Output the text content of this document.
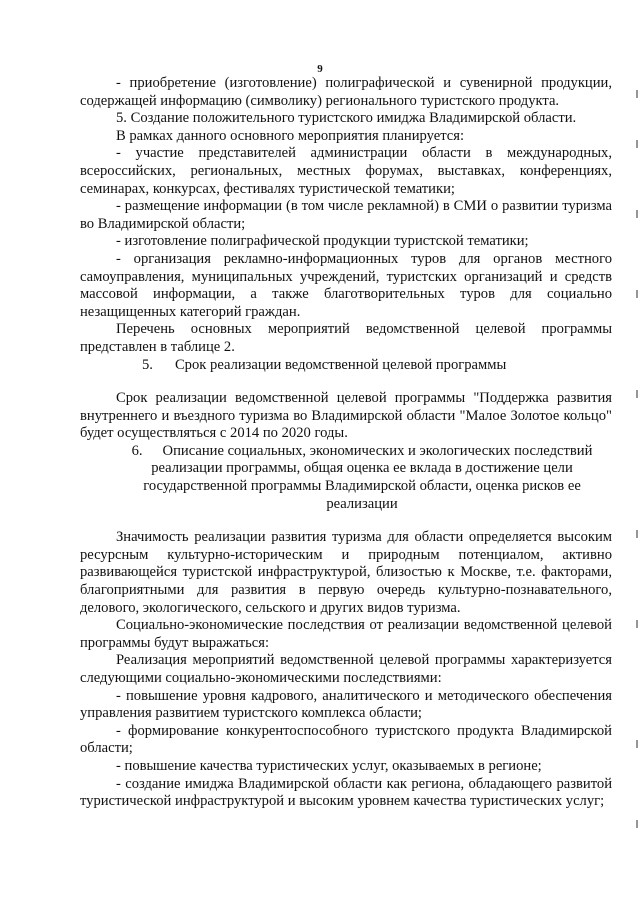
9

- приобретение (изготовление) полиграфической и сувенирной продукции, содержащей информацию (символику) регионального туристского продукта.

5. Создание положительного туристского имиджа Владимирской области.

В рамках данного основного мероприятия планируется:

- участие представителей администрации области в международных, всероссийских, региональных, местных форумах, выставках, конференциях, семинарах, конкурсах, фестивалях туристической тематики;

- размещение информации (в том числе рекламной) в СМИ о развитии туризма во Владимирской области;

- изготовление полиграфической продукции туристской тематики;

- организация рекламно-информационных туров для органов местного самоуправления, муниципальных учреждений, туристских организаций и средств массовой информации, а также благотворительных туров для социально незащищенных категорий граждан.

Перечень основных мероприятий ведомственной целевой программы представлен в таблице 2.

5. Срок реализации ведомственной целевой программы

Срок реализации ведомственной целевой программы "Поддержка развития внутреннего и въездного туризма во Владимирской области "Малое Золотое кольцо" будет осуществляться с 2014 по 2020 годы.

6. Описание социальных, экономических и экологических последствий реализации программы, общая оценка ее вклада в достижение цели государственной программы Владимирской области, оценка рисков ее реализации

Значимость реализации развития туризма для области определяется высоким ресурсным культурно-историческим и природным потенциалом, активно развивающейся туристской инфраструктурой, близостью к Москве, т.е. факторами, благоприятными для развития в первую очередь культурно-познавательного, делового, экологического, сельского и других видов туризма.

Социально-экономические последствия от реализации ведомственной целевой программы будут выражаться:

Реализация мероприятий ведомственной целевой программы характеризуется следующими социально-экономическими последствиями:

- повышение уровня кадрового, аналитического и методического обеспечения управления развитием туристского комплекса области;

- формирование конкурентоспособного туристского продукта Владимирской области;

- повышение качества туристических услуг, оказываемых в регионе;

- создание имиджа Владимирской области как региона, обладающего развитой туристической инфраструктурой и высоким уровнем качества туристических услуг;
